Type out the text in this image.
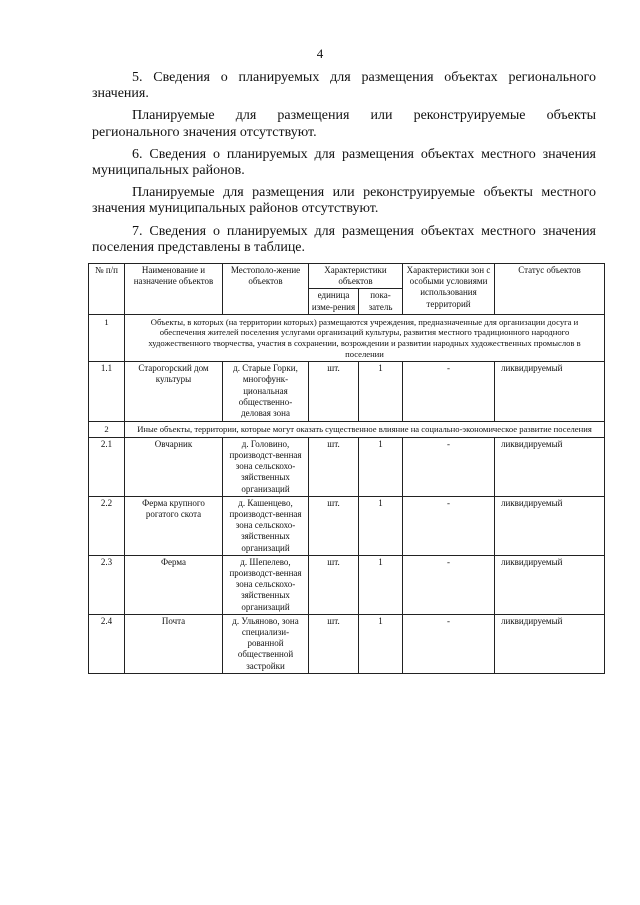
4

5. Сведения о планируемых для размещения объектах регионального значения.

Планируемые для размещения или реконструируемые объекты регионального значения отсутствуют.

6. Сведения о планируемых для размещения объектах местного значения муниципальных районов.

Планируемые для размещения или реконструируемые объекты местного значения муниципальных районов отсутствуют.

7. Сведения о планируемых для размещения объектах местного значения поселения представлены в таблице.

№ п/п	Наименование и назначение объектов	Местополо-жение объектов	Характеристики объектов		Характеристики зон с особыми условиями использования территорий	Статус объектов
			единица изме-рения	пока-затель		
1	Объекты, в которых (на территории которых) размещаются учреждения, предназначенные для организации досуга и обеспечения жителей поселения услугами организаций культуры, развития местного традиционного народного художественного творчества, участия в сохранении, возрождении и развитии народных художественных промыслов в поселении					
1.1	Старогорский дом культуры	д. Старые Горки, многофунк-циональная общественно-деловая зона	шт.	1	-	ликвидируемый
2	Иные объекты, территории, которые могут оказать существенное влияние на социально-экономическое развитие поселения					
2.1	Овчарник	д. Головино, производст-венная зона сельскохо-зяйственных организаций	шт.	1	-	ликвидируемый
2.2	Ферма крупного рогатого скота	д. Кашенцево, производст-венная зона сельскохо-зяйственных организаций	шт.	1	-	ликвидируемый
2.3	Ферма	д. Шепелево, производст-венная зона сельскохо-зяйственных организаций	шт.	1	-	ликвидируемый
2.4	Почта	д. Ульяново, зона специализи-рованной общественной застройки	шт.	1	-	ликвидируемый
